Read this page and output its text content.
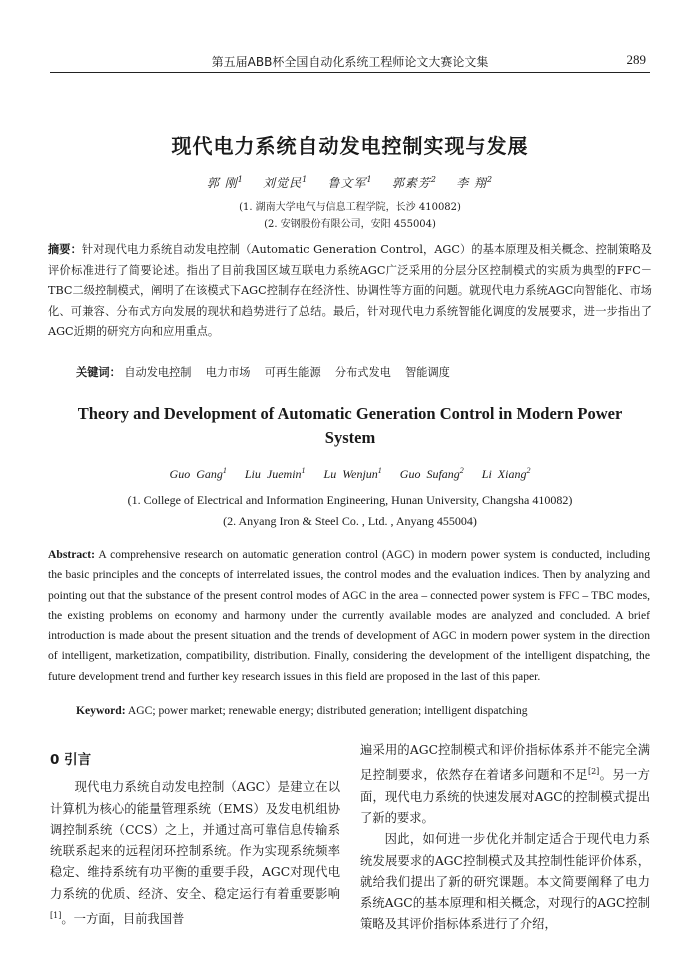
第五届ABB杯全国自动化系统工程师论文大赛论文集	289
现代电力系统自动发电控制实现与发展
郭 刚$^1$ 刘觉民$^1$ 鲁文军$^1$ 郭素芳$^2$ 李 翔$^2$
(1. 湖南大学电气与信息工程学院，长沙 410082)
(2. 安钢股份有限公司，安阳 455004)
摘要：针对现代电力系统自动发电控制（Automatic Generation Control，AGC）的基本原理及相关概念、控制策略及评价标准进行了简要论述。指出了目前我国区域互联电力系统AGC广泛采用的分层分区控制模式的实质为典型的FFC－TBC二级控制模式，阐明了在该模式下AGC控制存在经济性、协调性等方面的问题。就现代电力系统AGC向智能化、市场化、可兼容、分布式方向发展的现状和趋势进行了总结。最后，针对现代电力系统智能化调度的发展要求，进一步指出了AGC近期的研究方向和应用重点。
关键词： 自动发电控制 电力市场 可再生能源 分布式发电 智能调度
Theory and Development of Automatic Generation Control in Modern Power System
Guo Gang$^1$ Liu Juemin$^1$ Lu Wenjun$^1$ Guo Sufang$^2$ Li Xiang$^2$
(1. College of Electrical and Information Engineering, Hunan University, Changsha 410082)
(2. Anyang Iron & Steel Co. , Ltd. , Anyang 455004)
Abstract: A comprehensive research on automatic generation control (AGC) in modern power system is conducted, including the basic principles and the concepts of interrelated issues, the control modes and the evaluation indices. Then by analyzing and pointing out that the substance of the present control modes of AGC in the area – connected power system is FFC – TBC modes, the existing problems on economy and harmony under the currently available modes are analyzed and concluded. A brief introduction is made about the present situation and the trends of development of AGC in modern power system in the direction of intelligent, marketization, compatibility, distribution. Finally, considering the development of the intelligent dispatching, the future development trend and further key research issues in this field are proposed in the last of this paper.
Keyword: AGC; power market; renewable energy; distributed generation; intelligent dispatching
0 引言

现代电力系统自动发电控制（AGC）是建立在以计算机为核心的能量管理系统（EMS）及发电机组协调控制系统（CCS）之上，并通过高可靠信息传输系统联系起来的远程闭环控制系统。作为实现系统频率稳定、维持系统有功平衡的重要手段，AGC对现代电力系统的优质、经济、安全、稳定运行有着重要影响[1]。一方面，目前我国普

遍采用的AGC控制模式和评价指标体系并不能完全满足控制要求，依然存在着诸多问题和不足[2]。另一方面，现代电力系统的快速发展对AGC的控制模式提出了新的要求。

因此，如何进一步优化并制定适合于现代电力系统发展要求的AGC控制模式及其控制性能评价体系，就给我们提出了新的研究课题。本文简要阐释了电力系统AGC的基本原理和相关概念，对现行的AGC控制策略及其评价指标体系进行了介绍，
